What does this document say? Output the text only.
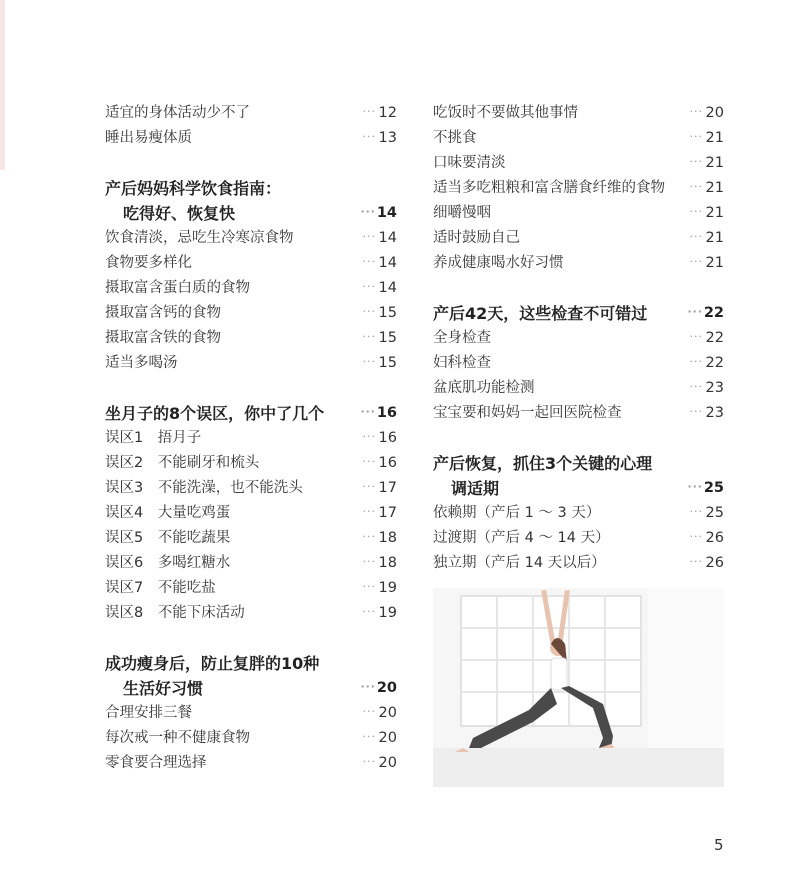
适宜的身体活动少不了	··· 12
睡出易瘦体质	··· 13
产后妈妈科学饮食指南：
吃得好、恢复快	··· 14
饮食清淡，忌吃生冷寒凉食物	··· 14
食物要多样化	··· 14
摄取富含蛋白质的食物	··· 14
摄取富含钙的食物	··· 15
摄取富含铁的食物	··· 15
适当多喝汤	··· 15
坐月子的8个误区，你中了几个	··· 16
误区1　捂月子	··· 16
误区2　不能刷牙和梳头	··· 16
误区3　不能洗澡，也不能洗头	··· 17
误区4　大量吃鸡蛋	··· 17
误区5　不能吃蔬果	··· 18
误区6　多喝红糖水	··· 18
误区7　不能吃盐	··· 19
误区8　不能下床活动	··· 19
成功瘦身后，防止复胖的10种
生活好习惯	··· 20
合理安排三餐	··· 20
每次戒一种不健康食物	··· 20
零食要合理选择	··· 20
吃饭时不要做其他事情	··· 20
不挑食	··· 21
口味要清淡	··· 21
适当多吃粗粮和富含膳食纤维的食物 ··· 21
细嚼慢咽	··· 21
适时鼓励自己	··· 21
养成健康喝水好习惯	··· 21
产后42天，这些检查不可错过	··· 22
全身检查	··· 22
妇科检查	··· 22
盆底肌功能检测	··· 23
宝宝要和妈妈一起回医院检查	··· 23
产后恢复，抓住3个关键的心理
调适期	··· 25
依赖期（产后 1 ～ 3 天）	··· 25
过渡期（产后 4 ～ 14 天）	··· 26
独立期（产后 14 天以后）	··· 26
5
